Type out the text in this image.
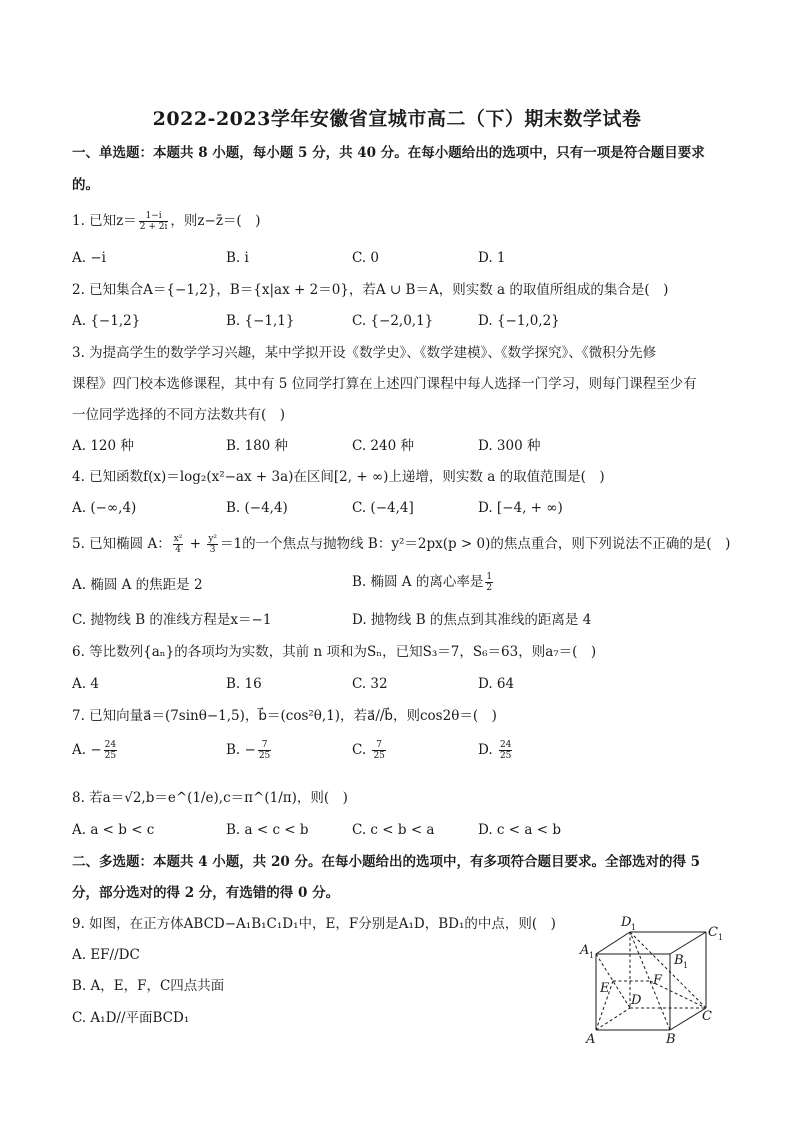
2022-2023学年安徽省宣城市高二（下）期末数学试卷
一、单选题：本题共 8 小题，每小题 5 分，共 40 分。在每小题给出的选项中，只有一项是符合题目要求
的。
1. 已知$z= \frac{1-i}{2 + 2i}$ ，则z−z̄＝(　)
A. −i	B. i	C. 0	D. 1
2. 已知集合A＝{−1,2}，B＝{x|ax + 2＝0}，若A ∪ B＝A，则实数 a 的取值所组成的集合是(　)
A. {−1,2}	B. {−1,1}	C. {−2,0,1}	D. {−1,0,2}
3. 为提高学生的数学学习兴趣，某中学拟开设《数学史》、《数学建模》、《数学探究》、《微积分先修
课程》四门校本选修课程，其中有 5 位同学打算在上述四门课程中每人选择一门学习，则每门课程至少有
一位同学选择的不同方法数共有(　)
A. 120 种	B. 180 种	C. 240 种	D. 300 种
4. 已知函数f(x)＝log₂(x²−ax + 3a)在区间[2, + ∞)上递增，则实数 a 的取值范围是(　)
A. (−∞,4)	B. (−4,4)	C. (−4,4]	D. [−4, + ∞)
5. 已知椭圆 A： $\frac{\text{x²}}{4} + \frac{\text{y²}}{3} =1$的一个焦点与抛物线 B：y²＝2px(p > 0)的焦点重合，则下列说法不正确的是(　)
A. 椭圆 A 的焦距是 2	B. 椭圆 A 的离心率是 $\frac{1}{2}$
C. 抛物线 B 的准线方程是x＝−1	D. 抛物线 B 的焦点到其准线的距离是 4
6. 等比数列{aₙ}的各项均为实数，其前 n 项和为Sₙ，已知S₃＝7，S₆＝63，则a₇＝(　)
A. 4	B. 16	C. 32	D. 64
7. 已知向量a⃗＝(7sinθ−1,5)，b⃗＝(cos²θ,1)，若a⃗//b⃗，则cos2θ＝(　)
A. − $\frac{24}{25}$	B. − $\frac{7}{25}$	C. $\frac{7}{25}$	D. $\frac{24}{25}$
8. 若a＝√2,b＝e^(1/e),c＝π^(1/π)，则(　)
A. a < b < c	B. a < c < b	C. c < b < a	D. c < a < b
二、多选题：本题共 4 小题，共 20 分。在每小题给出的选项中，有多项符合题目要求。全部选对的得 5
分，部分选对的得 2 分，有选错的得 0 分。
9. 如图，在正方体ABCD−A₁B₁C₁D₁中，E，F分别是A₁D，BD₁的中点，则(　)
A. EF//DC
B. A，E，F，C四点共面
C. A₁D//平面BCD₁
A 1
D 1	C 1
B 1
E
F
D
C
A	B
